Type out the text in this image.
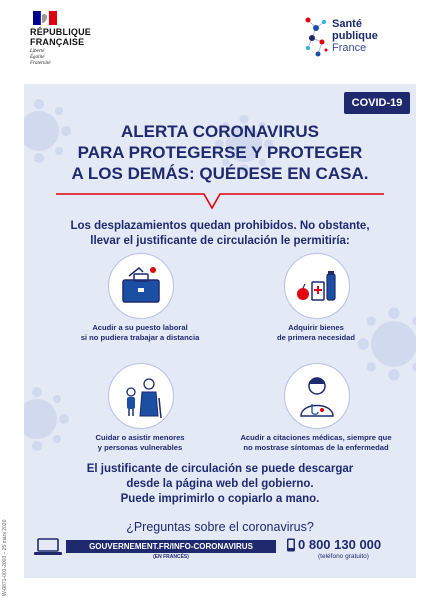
RÉPUBLIQUE
FRANÇAISE
Liberté
Égalité
Fraternité
Santé
publique
France
COVID-19
ALERTA CORONAVIRUS
PARA PROTEGERSE Y PROTEGER
A LOS DEMÁS: QUÉDESE EN CASA.
Los desplazamientos quedan prohibidos. No obstante,
llevar el justificante de circulación le permitiría:
Acudir a su puesto laboral
si no pudiera trabajar a distancia
Adquirir bienes
de primera necesidad
Cuidar o asistir menores
y personas vulnerables
Acudir a citaciones médicas, siempre que
no mostrase síntomas de la enfermedad
El justificante de circulación se puede descargar
desde la página web del gobierno.
Puede imprimirlo o copiarlo a mano.
¿Preguntas sobre el coronavirus?
GOUVERNEMENT.FR/INFO-CORONAVIRUS
(EN FRANCÉS)
0 800 130 000
(teléfono gratuito)
W-0871-001-2003 – 25 mars 2020
